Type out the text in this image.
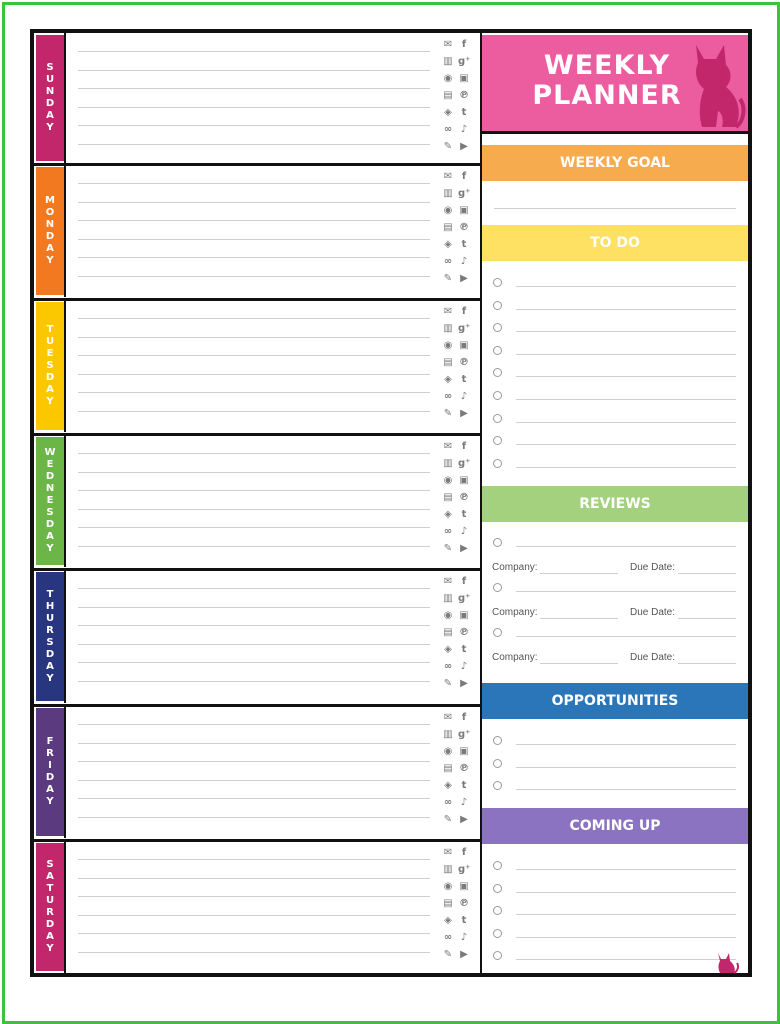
S
U
N
D
A
Y
✉ f
▥ g⁺
◉ ▣
▤ ℗
◈ t
∞ ♪
✎ ▶
M
O
N
D
A
Y
✉ f
▥ g⁺
◉ ▣
▤ ℗
◈ t
∞ ♪
✎ ▶
T
U
E
S
D
A
Y
✉ f
▥ g⁺
◉ ▣
▤ ℗
◈ t
∞ ♪
✎ ▶
W
E
D
N
E
S
D
A
Y
✉ f
▥ g⁺
◉ ▣
▤ ℗
◈ t
∞ ♪
✎ ▶
T
H
U
R
S
D
A
Y
✉ f
▥ g⁺
◉ ▣
▤ ℗
◈ t
∞ ♪
✎ ▶
F
R
I
D
A
Y
✉ f
▥ g⁺
◉ ▣
▤ ℗
◈ t
∞ ♪
✎ ▶
S
A
T
U
R
D
A
Y
✉ f
▥ g⁺
◉ ▣
▤ ℗
◈ t
∞ ♪
✎ ▶
WEEKLY
PLANNER
WEEKLY GOAL
TO DO
REVIEWS
Company:	Due Date:
Company:	Due Date:
Company:	Due Date:
OPPORTUNITIES
COMING UP
